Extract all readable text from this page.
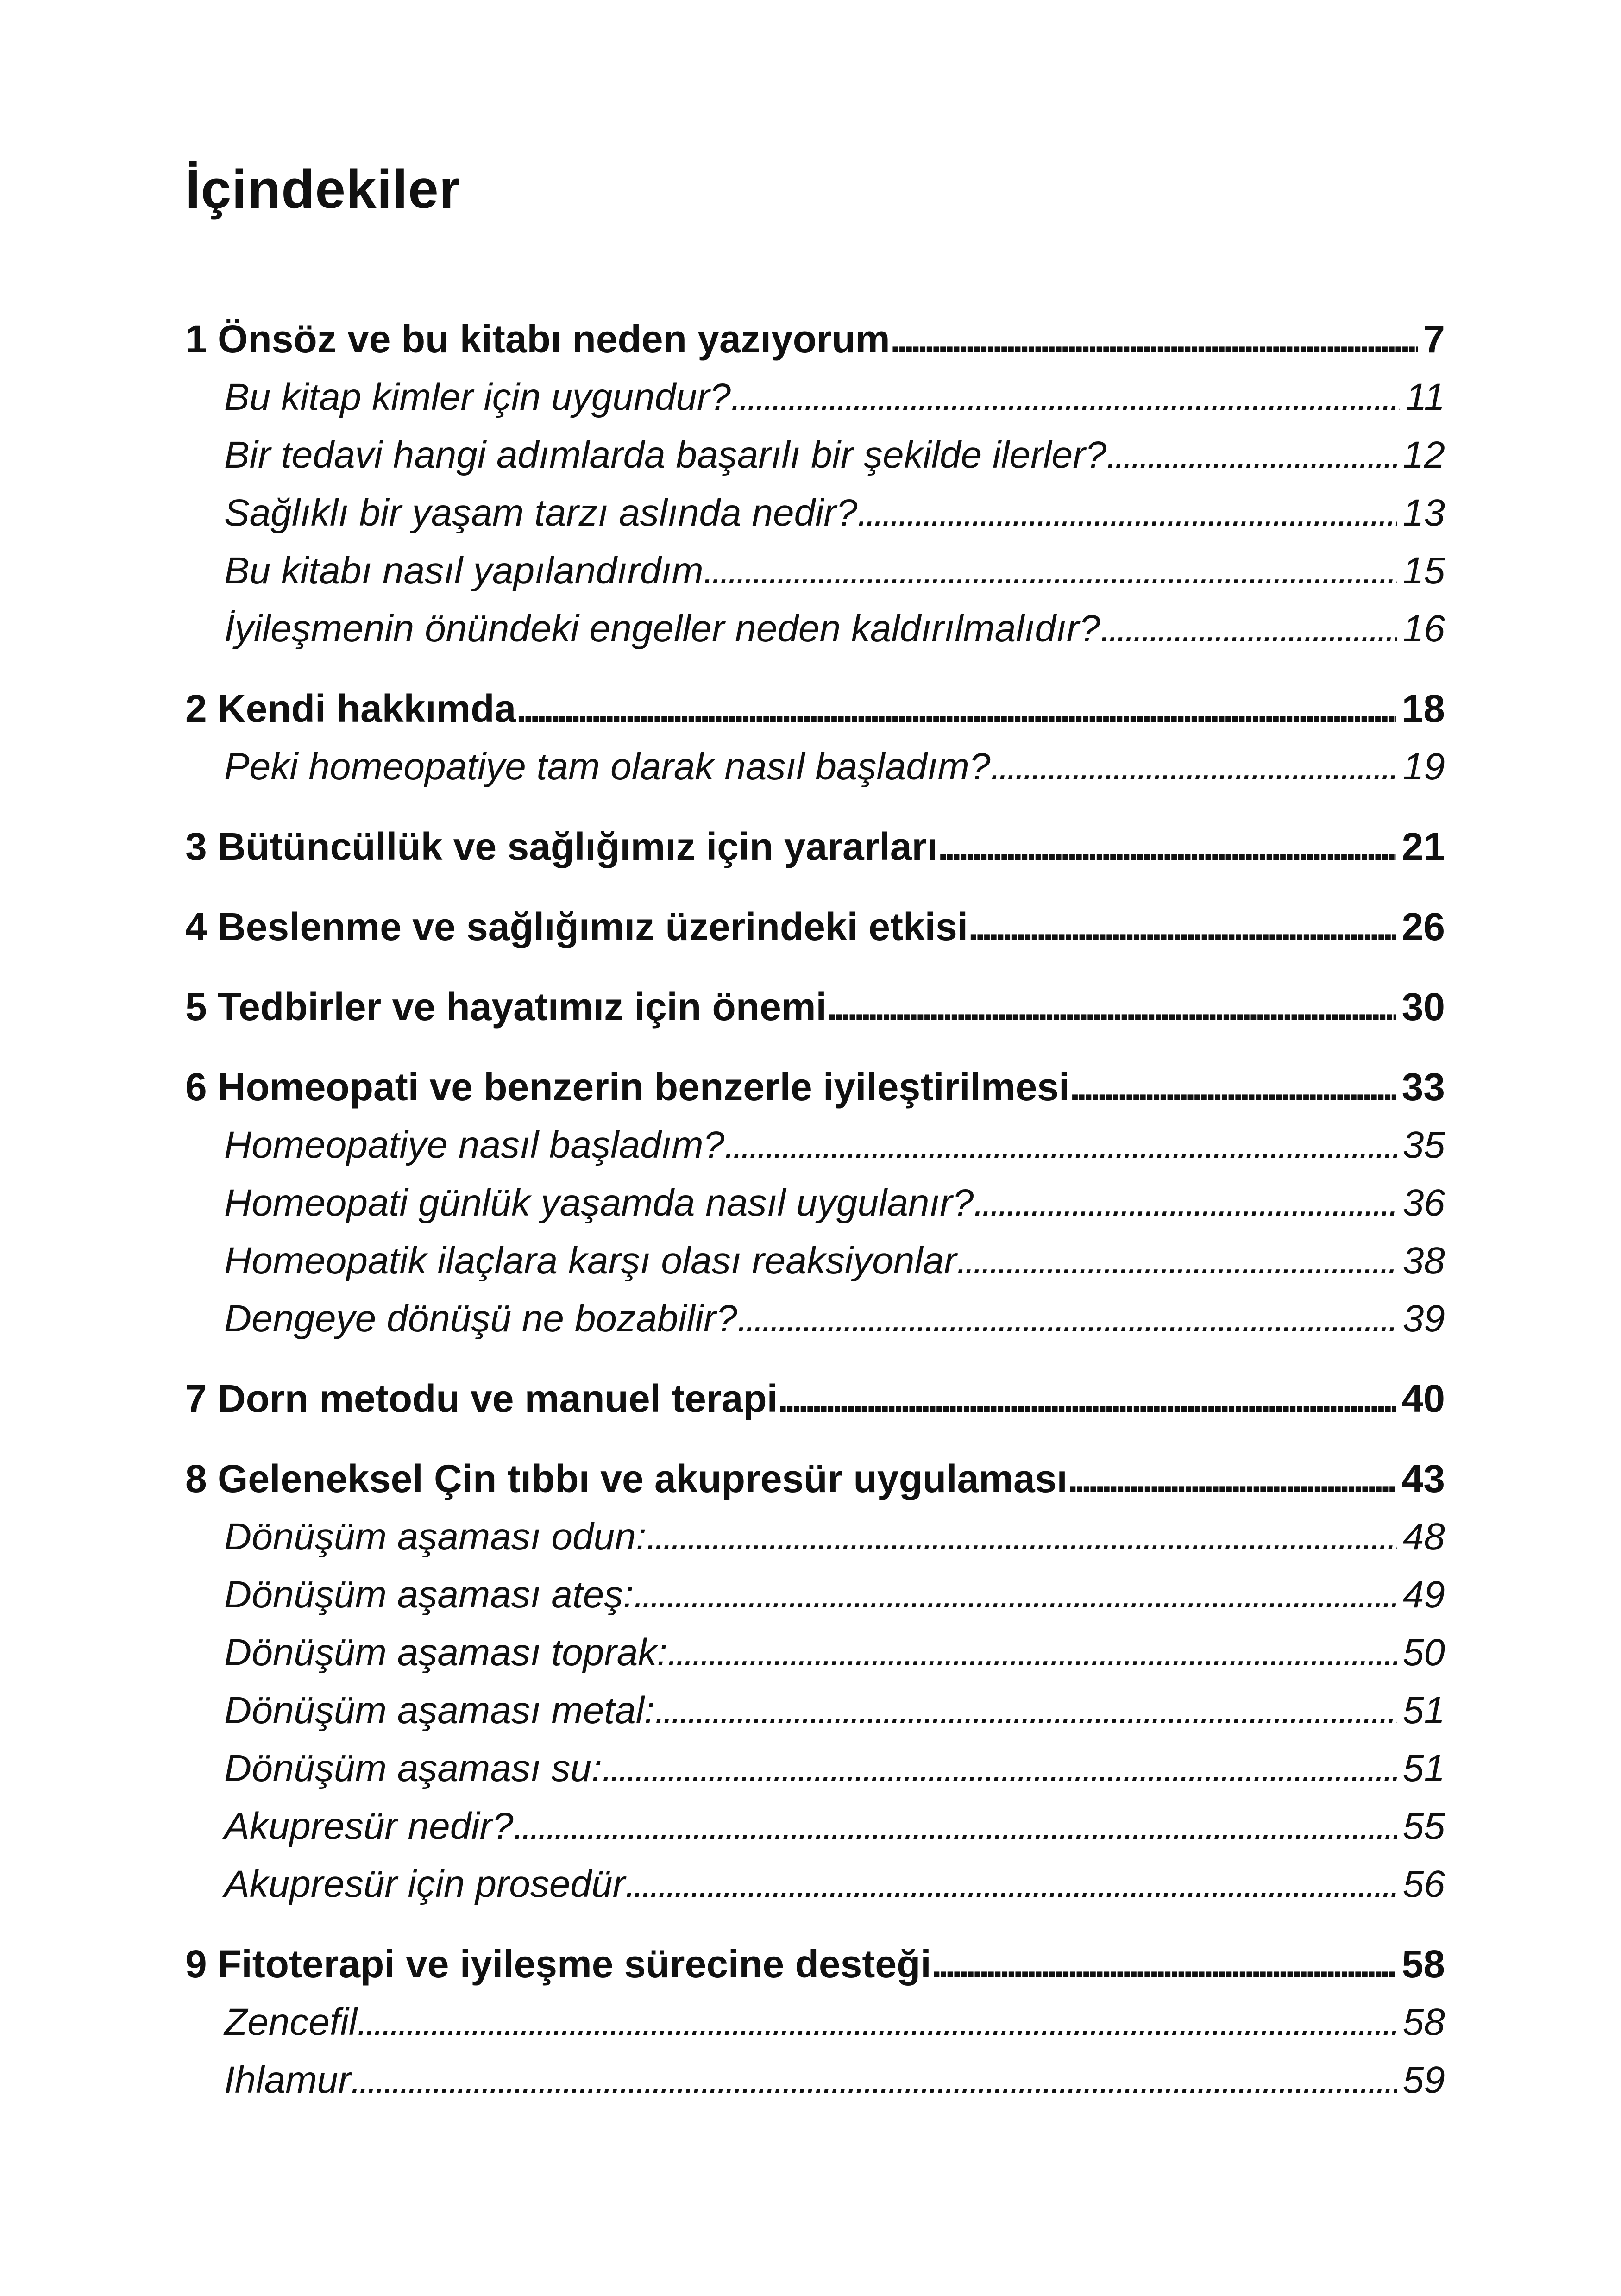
İçindekiler
1 Önsöz ve bu kitabı neden yazıyorum . . .	7
Bu kitap kimler için uygundur? . . .	11
Bir tedavi hangi adımlarda başarılı bir şekilde ilerler? . . .	12
Sağlıklı bir yaşam tarzı aslında nedir? . . .	13
Bu kitabı nasıl yapılandırdım . . .	15
İyileşmenin önündeki engeller neden kaldırılmalıdır? . . .	16
2 Kendi hakkımda . . .	18
Peki homeopatiye tam olarak nasıl başladım? . . .	19
3 Bütüncüllük ve sağlığımız için yararları . . .	21
4 Beslenme ve sağlığımız üzerindeki etkisi . . .	26
5 Tedbirler ve hayatımız için önemi . . .	30
6 Homeopati ve benzerin benzerle iyileştirilmesi . . .	33
Homeopatiye nasıl başladım? . . .	35
Homeopati günlük yaşamda nasıl uygulanır? . . .	36
Homeopatik ilaçlara karşı olası reaksiyonlar . . .	38
Dengeye dönüşü ne bozabilir? . . .	39
7 Dorn metodu ve manuel terapi . . .	40
8 Geleneksel Çin tıbbı ve akupresür uygulaması . . .	43
Dönüşüm aşaması odun: . . .	48
Dönüşüm aşaması ateş: . . .	49
Dönüşüm aşaması toprak: . . .	50
Dönüşüm aşaması metal: . . .	51
Dönüşüm aşaması su: . . .	51
Akupresür nedir? . . .	55
Akupresür için prosedür . . .	56
9 Fitoterapi ve iyileşme sürecine desteği . . .	58
Zencefil . . .	58
Ihlamur . . .	59
